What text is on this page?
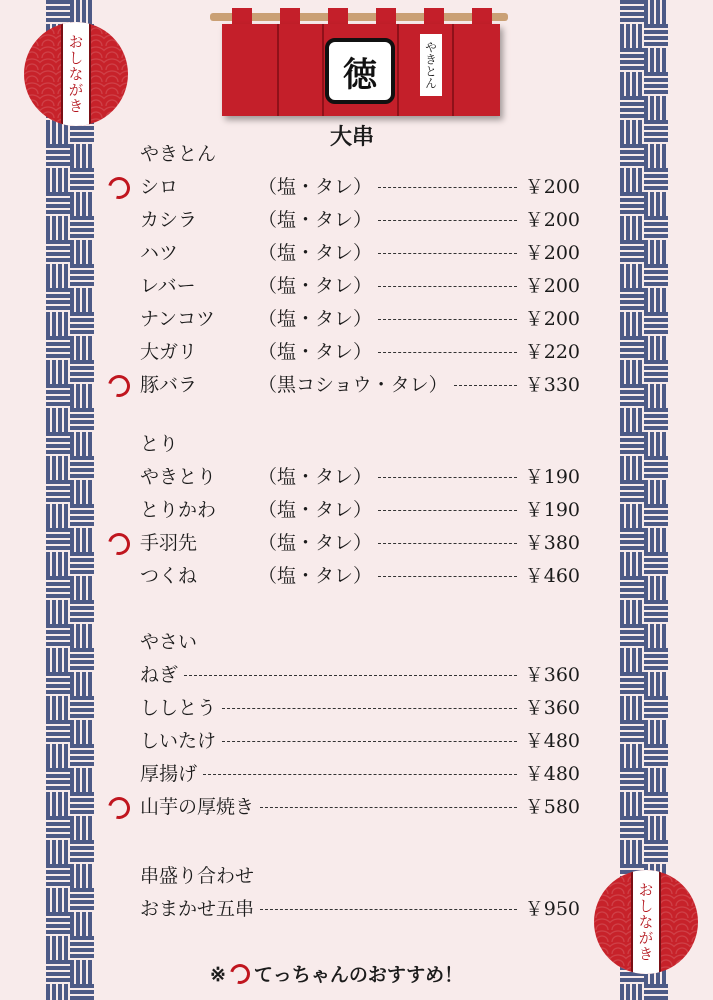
おしながき
おしながき
徳	やきとん
大串
やきとん
シロ	（塩・タレ）	￥200
カシラ	（塩・タレ）	￥200
ハツ	（塩・タレ）	￥200
レバー	（塩・タレ）	￥200
ナンコツ （塩・タレ）	￥200
大ガリ	（塩・タレ）	￥220
豚バラ	（黒コショウ・タレ）	￥330
とり
やきとり （塩・タレ）	￥190
とりかわ （塩・タレ）	￥190
手羽先	（塩・タレ）	￥380
つくね	（塩・タレ）	￥460
やさい
ねぎ	￥360
ししとう	￥360
しいたけ	￥480
厚揚げ	￥480
山芋の厚焼き	￥580
串盛り合わせ
おまかせ五串	￥950
※ てっちゃんのおすすめ！
